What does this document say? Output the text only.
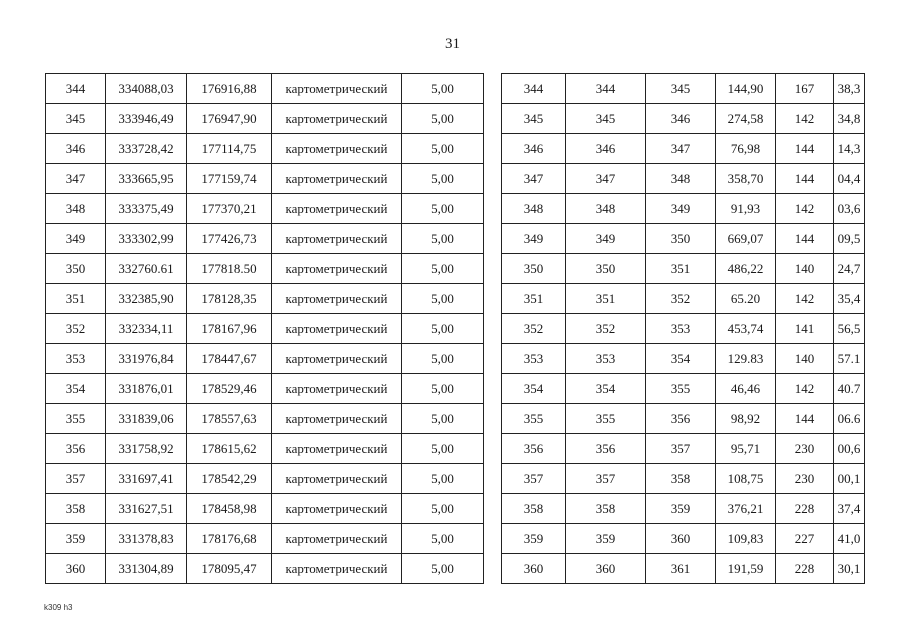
31
344	334088,03	176916,88	картометрический	5,00
345	333946,49	176947,90	картометрический	5,00
346	333728,42	177114,75	картометрический	5,00
347	333665,95	177159,74	картометрический	5,00
348	333375,49	177370,21	картометрический	5,00
349	333302,99	177426,73	картометрический	5,00
350	332760.61	177818.50	картометрический	5,00
351	332385,90	178128,35	картометрический	5,00
352	332334,11	178167,96	картометрический	5,00
353	331976,84	178447,67	картометрический	5,00
354	331876,01	178529,46	картометрический	5,00
355	331839,06	178557,63	картометрический	5,00
356	331758,92	178615,62	картометрический	5,00
357	331697,41	178542,29	картометрический	5,00
358	331627,51	178458,98	картометрический	5,00
359	331378,83	178176,68	картометрический	5,00
360	331304,89	178095,47	картометрический	5,00
344	344	345	144,90	167	38,3
345	345	346	274,58	142	34,8
346	346	347	76,98	144	14,3
347	347	348	358,70	144	04,4
348	348	349	91,93	142	03,6
349	349	350	669,07	144	09,5
350	350	351	486,22	140	24,7
351	351	352	65.20	142	35,4
352	352	353	453,74	141	56,5
353	353	354	129.83	140	57.1
354	354	355	46,46	142	40.7
355	355	356	98,92	144	06.6
356	356	357	95,71	230	00,6
357	357	358	108,75	230	00,1
358	358	359	376,21	228	37,4
359	359	360	109,83	227	41,0
360	360	361	191,59	228	30,1
k309 h3
